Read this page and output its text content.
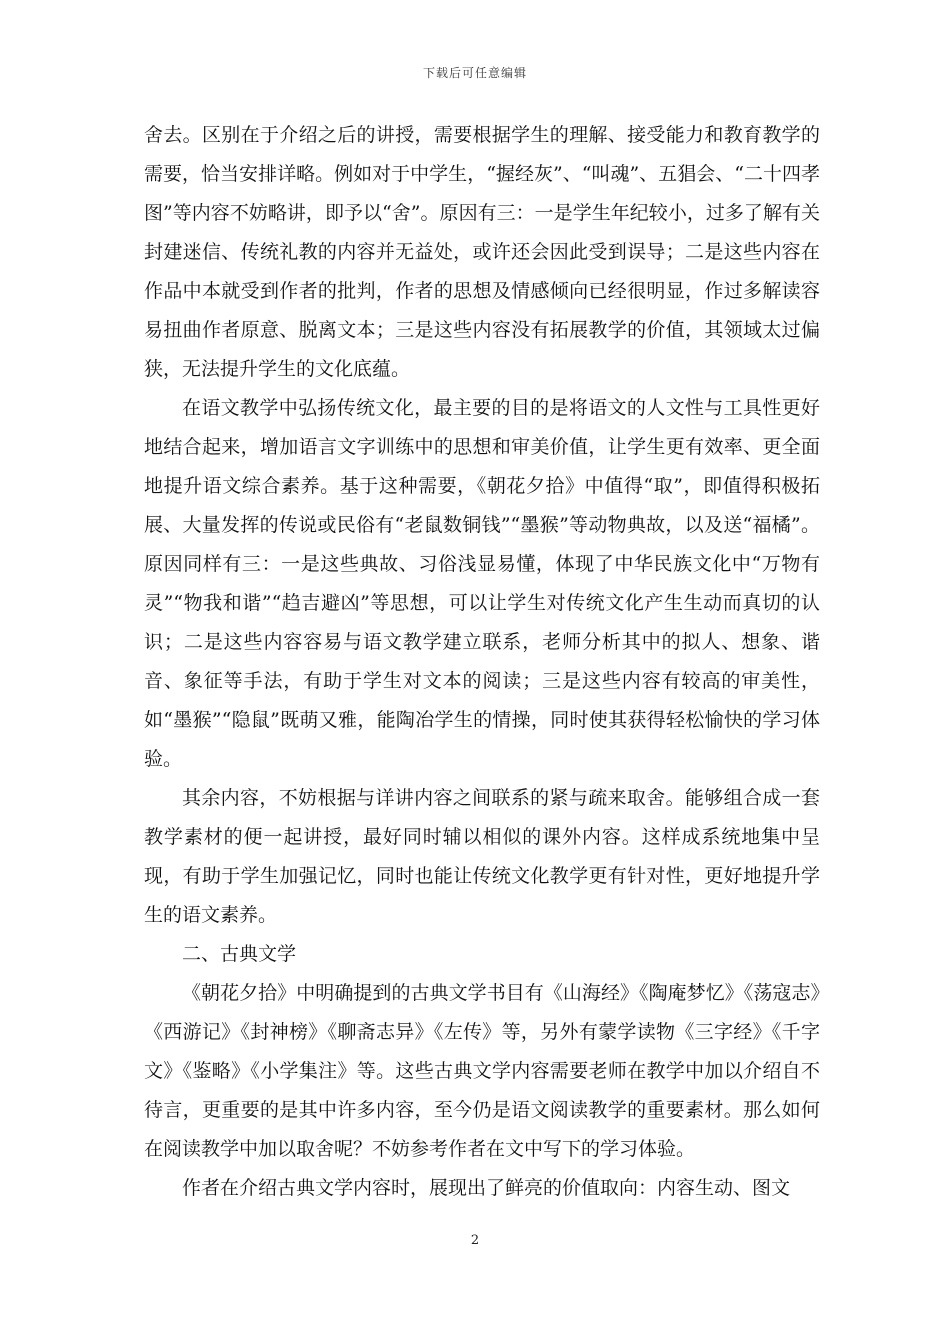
下载后可任意编辑

舍去。区别在于介绍之后的讲授，需要根据学生的理解、接受能力和教育教学的需要，恰当安排详略。例如对于中学生，“握经灰”、“叫魂”、五猖会、“二十四孝图”等内容不妨略讲，即予以“舍”。原因有三：一是学生年纪较小，过多了解有关封建迷信、传统礼教的内容并无益处，或许还会因此受到误导；二是这些内容在作品中本就受到作者的批判，作者的思想及情感倾向已经很明显，作过多解读容易扭曲作者原意、脱离文本；三是这些内容没有拓展教学的价值，其领域太过偏狭，无法提升学生的文化底蕴。

在语文教学中弘扬传统文化，最主要的目的是将语文的人文性与工具性更好地结合起来，增加语言文字训练中的思想和审美价值，让学生更有效率、更全面地提升语文综合素养。基于这种需要，《朝花夕拾》中值得“取”，即值得积极拓展、大量发挥的传说或民俗有“老鼠数铜钱”“墨猴”等动物典故，以及送“福橘”。原因同样有三：一是这些典故、习俗浅显易懂，体现了中华民族文化中“万物有灵”“物我和谐”“趋吉避凶”等思想，可以让学生对传统文化产生生动而真切的认识；二是这些内容容易与语文教学建立联系，老师分析其中的拟人、想象、谐音、象征等手法，有助于学生对文本的阅读；三是这些内容有较高的审美性，如“墨猴”“隐鼠”既萌又雅，能陶冶学生的情操，同时使其获得轻松愉快的学习体验。

其余内容，不妨根据与详讲内容之间联系的紧与疏来取舍。能够组合成一套教学素材的便一起讲授，最好同时辅以相似的课外内容。这样成系统地集中呈现，有助于学生加强记忆，同时也能让传统文化教学更有针对性，更好地提升学生的语文素养。

二、古典文学

《朝花夕拾》中明确提到的古典文学书目有《山海经》《陶庵梦忆》《荡寇志》《西游记》《封神榜》《聊斋志异》《左传》等，另外有蒙学读物《三字经》《千字文》《鉴略》《小学集注》等。这些古典文学内容需要老师在教学中加以介绍自不待言，更重要的是其中许多内容，至今仍是语文阅读教学的重要素材。那么如何在阅读教学中加以取舍呢？不妨参考作者在文中写下的学习体验。

作者在介绍古典文学内容时，展现出了鲜亮的价值取向：内容生动、图文

2
